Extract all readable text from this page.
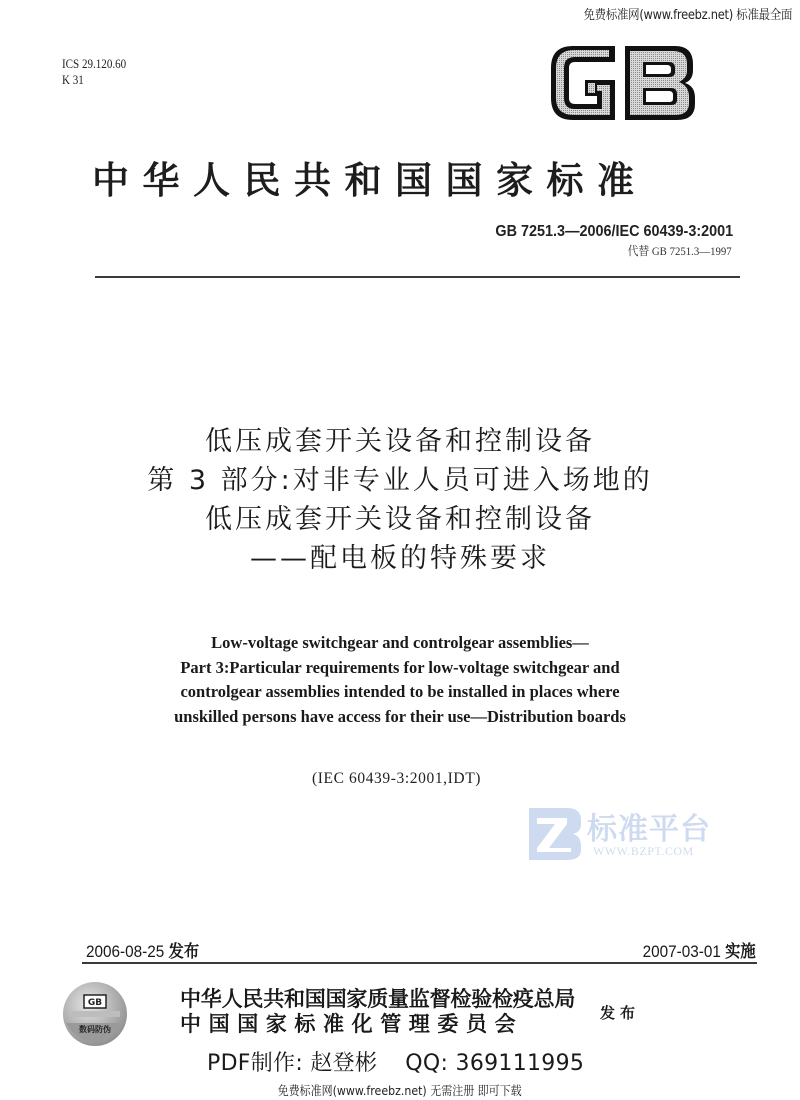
免费标准网(www.freebz.net) 标准最全面
ICS 29.120.60
K 31
中华人民共和国国家标准
GB 7251.3—2006/IEC 60439-3:2001
代替 GB 7251.3—1997
低压成套开关设备和控制设备
第 3 部分:对非专业人员可进入场地的
低压成套开关设备和控制设备
——配电板的特殊要求
Low-voltage switchgear and controlgear assemblies—
Part 3:Particular requirements for low-voltage switchgear and
controlgear assemblies intended to be installed in places where
unskilled persons have access for their use—Distribution boards
(IEC 60439-3:2001,IDT)
标准平台
WWW.BZPT.COM
2006-08-25 发布	2007-03-01 实施
GB
数码防伪
中华人民共和国国家质量监督检验检疫总局
中国国家标准化管理委员会	发布
PDF制作: 赵登彬 QQ: 369111995
免费标准网(www.freebz.net) 无需注册 即可下载
